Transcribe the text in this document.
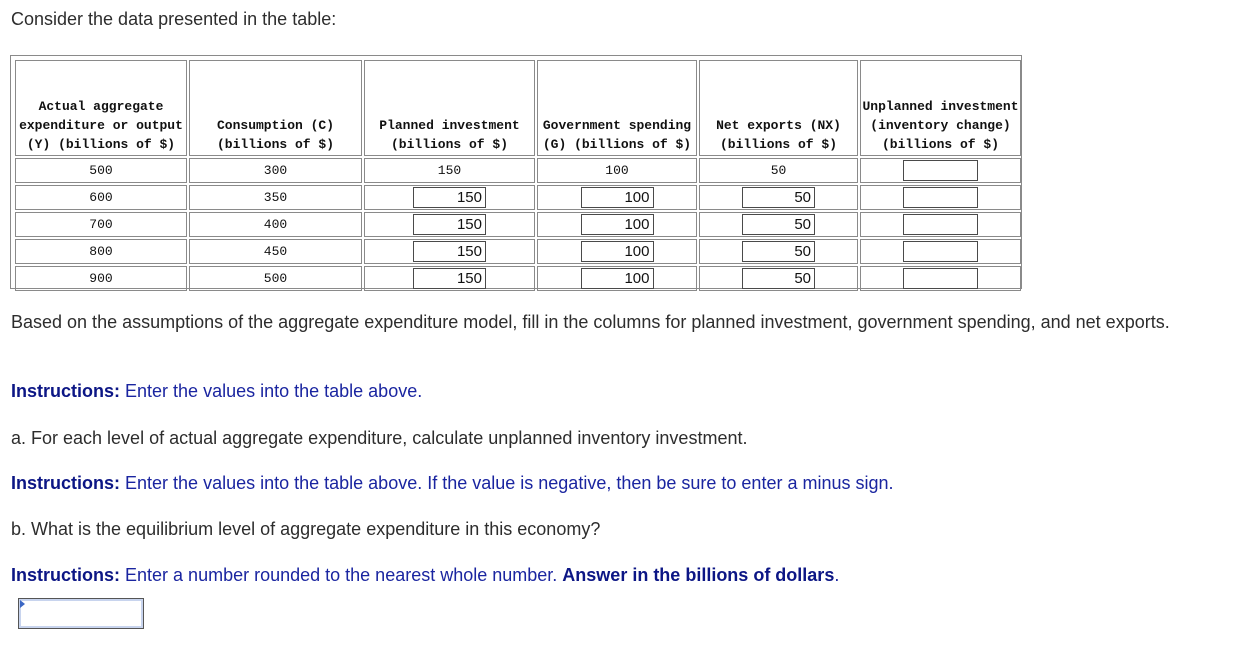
Consider the data presented in the table:

Actual aggregate expenditure or output (Y) (billions of $)	Consumption (C) (billions of $)	Planned investment (billions of $)	Government spending (G) (billions of $)	Net exports (NX) (billions of $)	Unplanned investment (inventory change) (billions of $)
500	300	150	100	50	
600	350	150	100	50	
700	400	150	100	50	
800	450	150	100	50	
900	500	150	100	50	

Based on the assumptions of the aggregate expenditure model, fill in the columns for planned investment, government spending, and net exports.

Instructions: Enter the values into the table above.

a. For each level of actual aggregate expenditure, calculate unplanned inventory investment.

Instructions: Enter the values into the table above. If the value is negative, then be sure to enter a minus sign.

b. What is the equilibrium level of aggregate expenditure in this economy?

Instructions: Enter a number rounded to the nearest whole number. Answer in the billions of dollars.
